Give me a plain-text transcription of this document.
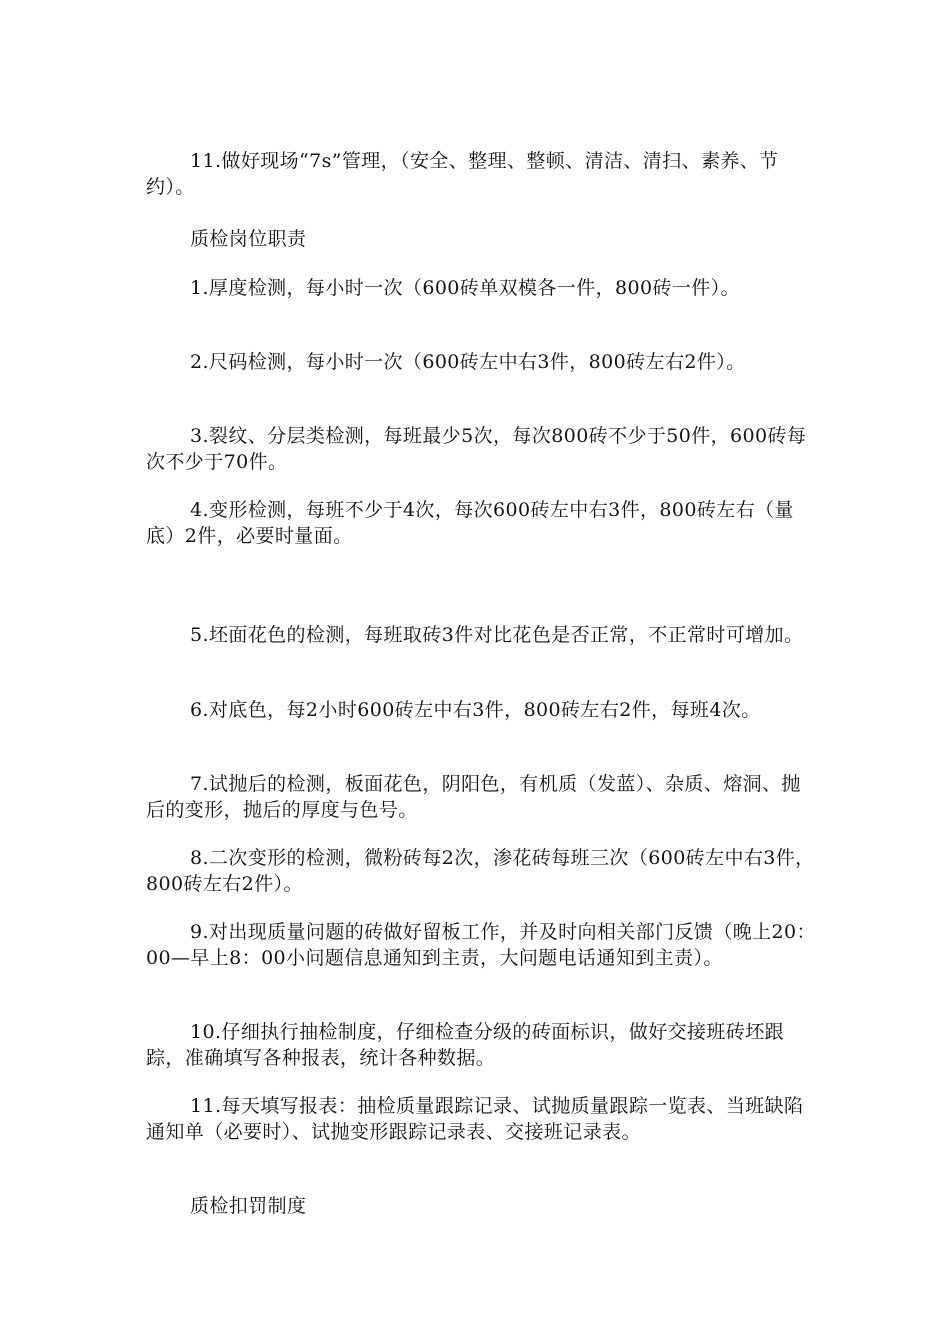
11.做好现场“7s”管理，（安全、整理、整顿、清洁、清扫、素养、节约）。

质检岗位职责

1.厚度检测，每小时一次（600砖单双模各一件，800砖一件）。

2.尺码检测，每小时一次（600砖左中右3件，800砖左右2件）。

3.裂纹、分层类检测，每班最少5次，每次800砖不少于50件，600砖每次不少于70件。

4.变形检测，每班不少于4次，每次600砖左中右3件，800砖左右（量底）2件，必要时量面。

5.坯面花色的检测，每班取砖3件对比花色是否正常，不正常时可增加。

6.对底色，每2小时600砖左中右3件，800砖左右2件，每班4次。

7.试抛后的检测，板面花色，阴阳色，有机质（发蓝）、杂质、熔洞、抛后的变形，抛后的厚度与色号。

8.二次变形的检测，微粉砖每2次，渗花砖每班三次（600砖左中右3件，800砖左右2件）。

9.对出现质量问题的砖做好留板工作，并及时向相关部门反馈（晚上20：00—早上8：00小问题信息通知到主责，大问题电话通知到主责）。

10.仔细执行抽检制度，仔细检查分级的砖面标识，做好交接班砖坯跟踪，准确填写各种报表，统计各种数据。

11.每天填写报表：抽检质量跟踪记录、试抛质量跟踪一览表、当班缺陷通知单（必要时）、试抛变形跟踪记录表、交接班记录表。

质检扣罚制度
